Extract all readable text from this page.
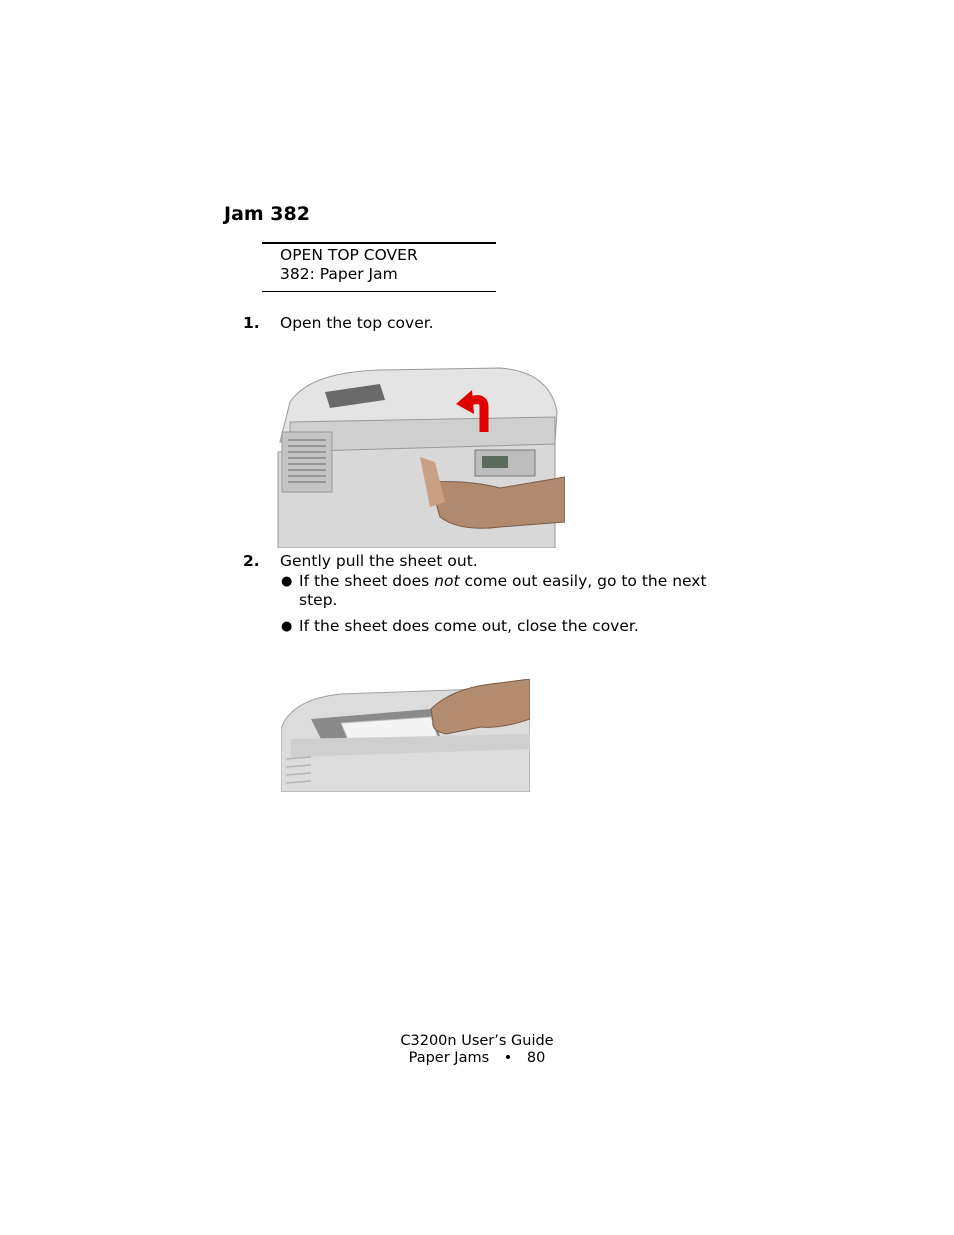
Jam 382
OPEN TOP COVER
382: Paper Jam
1. Open the top cover.
2. Gently pull the sheet out.
● If the sheet does not come out easily, go to the next
step.
● If the sheet does come out, close the cover.
C3200n User’s Guide
Paper Jams • 80
